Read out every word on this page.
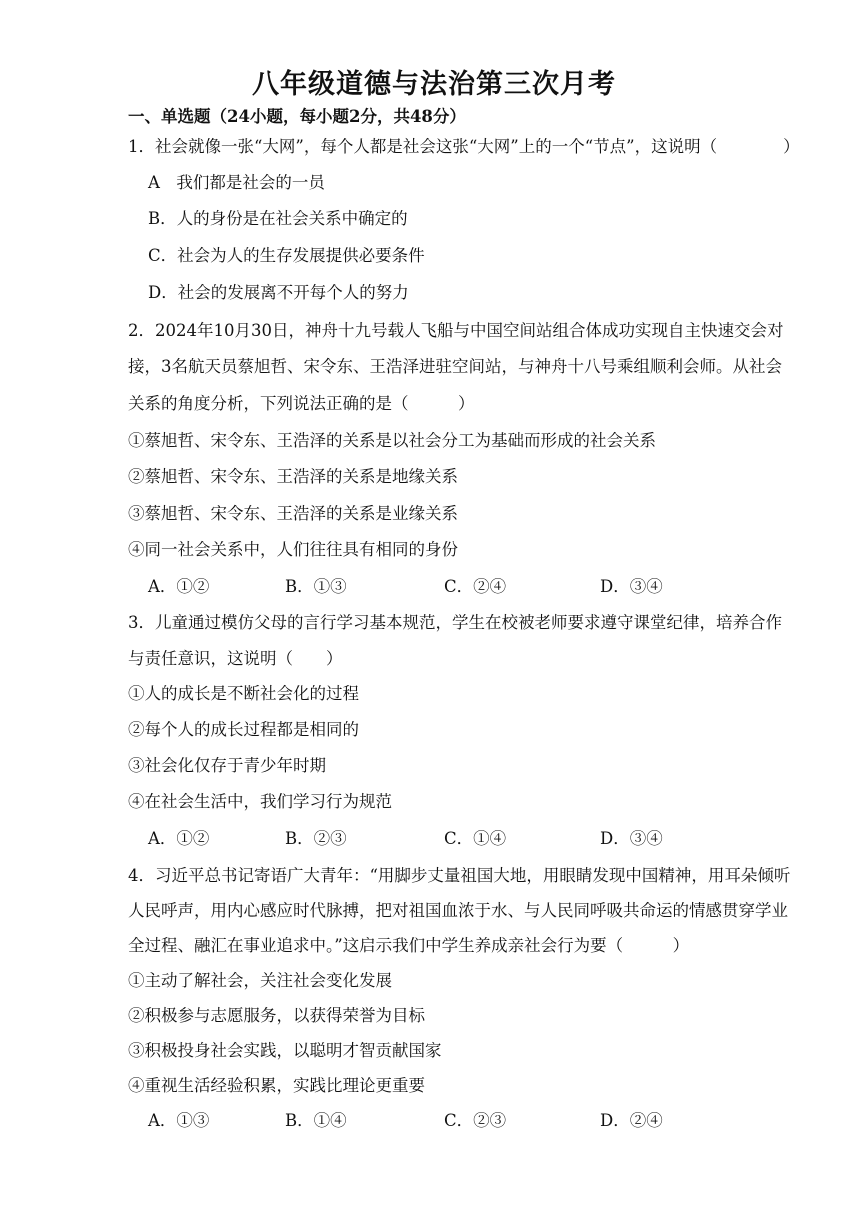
八年级道德与法治第三次月考
一、单选题（24小题，每小题2分，共48分）
1．社会就像一张“大网”，每个人都是社会这张“大网”上的一个“节点”，这说明（　　　　）
A　我们都是社会的一员
B．人的身份是在社会关系中确定的
C．社会为人的生存发展提供必要条件
D．社会的发展离不开每个人的努力
2．2024年10月30日，神舟十九号载人飞船与中国空间站组合体成功实现自主快速交会对
接，3名航天员蔡旭哲、宋令东、王浩泽进驻空间站，与神舟十八号乘组顺利会师。从社会
关系的角度分析，下列说法正确的是（　　　）
①蔡旭哲、宋令东、王浩泽的关系是以社会分工为基础而形成的社会关系
②蔡旭哲、宋令东、王浩泽的关系是地缘关系
③蔡旭哲、宋令东、王浩泽的关系是业缘关系
④同一社会关系中，人们往往具有相同的身份
A．①②	B．①③	C．②④	D．③④
3．儿童通过模仿父母的言行学习基本规范，学生在校被老师要求遵守课堂纪律，培养合作
与责任意识，这说明（　　）
①人的成长是不断社会化的过程
②每个人的成长过程都是相同的
③社会化仅存于青少年时期
④在社会生活中，我们学习行为规范
A．①②	B．②③	C．①④	D．③④
4．习近平总书记寄语广大青年：“用脚步丈量祖国大地，用眼睛发现中国精神，用耳朵倾听
人民呼声，用内心感应时代脉搏，把对祖国血浓于水、与人民同呼吸共命运的情感贯穿学业
全过程、融汇在事业追求中。”这启示我们中学生养成亲社会行为要（　　　）
①主动了解社会，关注社会变化发展
②积极参与志愿服务，以获得荣誉为目标
③积极投身社会实践，以聪明才智贡献国家
④重视生活经验积累，实践比理论更重要
A．①③	B．①④	C．②③	D．②④
